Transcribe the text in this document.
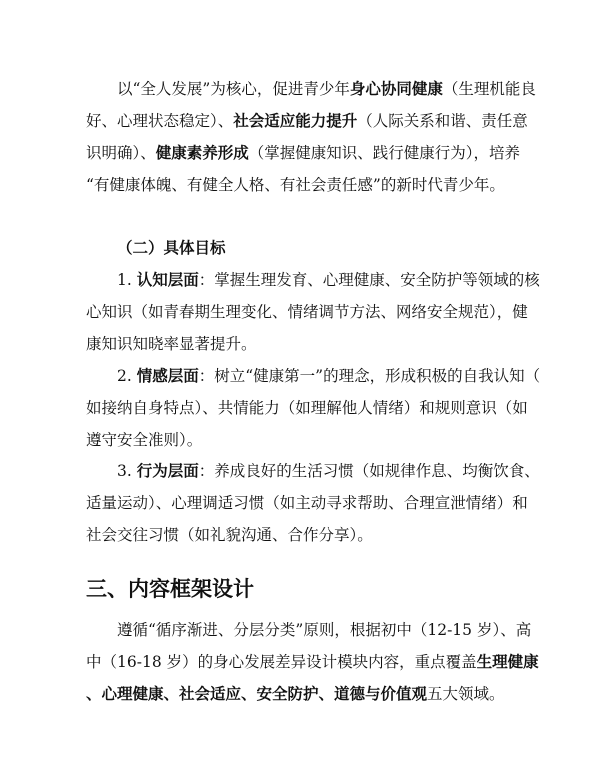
以“全人发展”为核心，促进青少年身心协同健康（生理机能良
好、心理状态稳定）、社会适应能力提升（人际关系和谐、责任意
识明确）、健康素养形成（掌握健康知识、践行健康行为），培养
“有健康体魄、有健全人格、有社会责任感”的新时代青少年。
（二）具体目标
1. 认知层面：掌握生理发育、心理健康、安全防护等领域的核
心知识（如青春期生理变化、情绪调节方法、网络安全规范），健
康知识知晓率显著提升。
2. 情感层面：树立“健康第一”的理念，形成积极的自我认知（
如接纳自身特点）、共情能力（如理解他人情绪）和规则意识（如
遵守安全准则）。
3. 行为层面：养成良好的生活习惯（如规律作息、均衡饮食、
适量运动）、心理调适习惯（如主动寻求帮助、合理宣泄情绪）和
社会交往习惯（如礼貌沟通、合作分享）。
三、内容框架设计
遵循“循序渐进、分层分类”原则，根据初中（12-15 岁）、高
中（16-18 岁）的身心发展差异设计模块内容，重点覆盖生理健康
、心理健康、社会适应、安全防护、道德与价值观五大领域。
